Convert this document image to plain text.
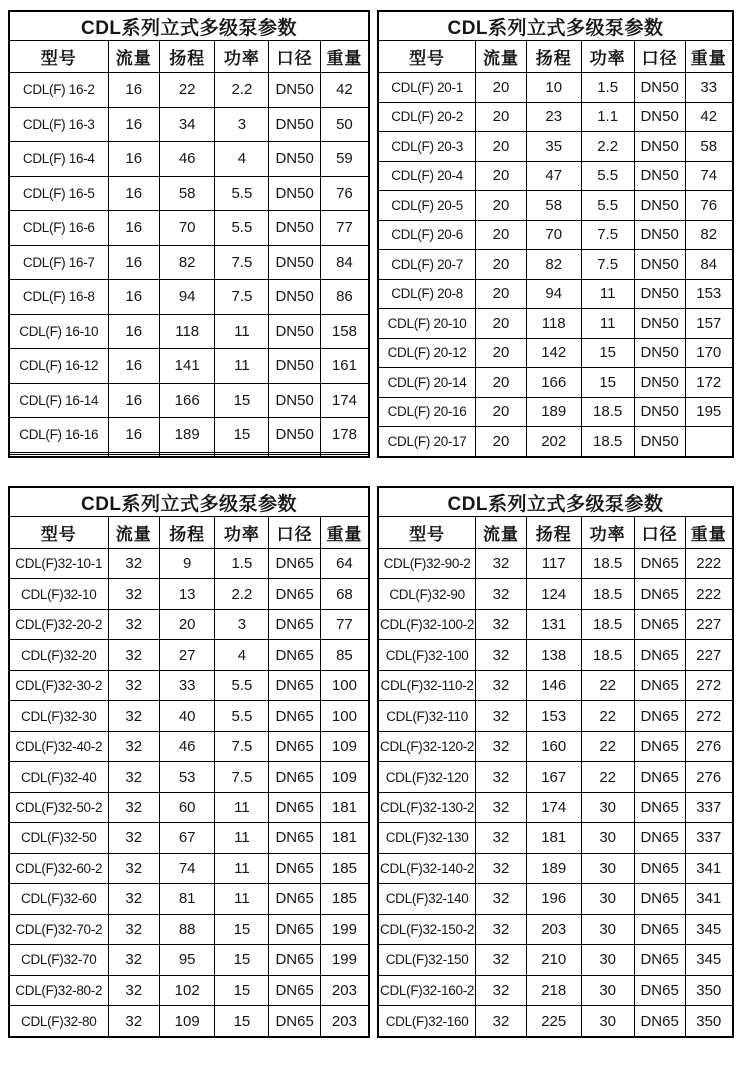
CDL系列立式多级泵参数					
型号	流量	扬程	功率	口径	重量
CDL(F) 16-2	16	22	2.2	DN50	42
CDL(F) 16-3	16	34	3	DN50	50
CDL(F) 16-4	16	46	4	DN50	59
CDL(F) 16-5	16	58	5.5	DN50	76
CDL(F) 16-6	16	70	5.5	DN50	77
CDL(F) 16-7	16	82	7.5	DN50	84
CDL(F) 16-8	16	94	7.5	DN50	86
CDL(F) 16-10	16	118	11	DN50	158
CDL(F) 16-12	16	141	11	DN50	161
CDL(F) 16-14	16	166	15	DN50	174
CDL(F) 16-16	16	189	15	DN50	178

CDL系列立式多级泵参数					
型号	流量	扬程	功率	口径	重量
CDL(F) 20-1	20	10	1.5	DN50	33
CDL(F) 20-2	20	23	1.1	DN50	42
CDL(F) 20-3	20	35	2.2	DN50	58
CDL(F) 20-4	20	47	5.5	DN50	74
CDL(F) 20-5	20	58	5.5	DN50	76
CDL(F) 20-6	20	70	7.5	DN50	82
CDL(F) 20-7	20	82	7.5	DN50	84
CDL(F) 20-8	20	94	11	DN50	153
CDL(F) 20-10	20	118	11	DN50	157
CDL(F) 20-12	20	142	15	DN50	170
CDL(F) 20-14	20	166	15	DN50	172
CDL(F) 20-16	20	189	18.5	DN50	195
CDL(F) 20-17	20	202	18.5	DN50	
CDL系列立式多级泵参数					
型号	流量	扬程	功率	口径	重量
CDL(F)32-10-1	32	9	1.5	DN65	64
CDL(F)32-10	32	13	2.2	DN65	68
CDL(F)32-20-2	32	20	3	DN65	77
CDL(F)32-20	32	27	4	DN65	85
CDL(F)32-30-2	32	33	5.5	DN65	100
CDL(F)32-30	32	40	5.5	DN65	100
CDL(F)32-40-2	32	46	7.5	DN65	109
CDL(F)32-40	32	53	7.5	DN65	109
CDL(F)32-50-2	32	60	11	DN65	181
CDL(F)32-50	32	67	11	DN65	181
CDL(F)32-60-2	32	74	11	DN65	185
CDL(F)32-60	32	81	11	DN65	185
CDL(F)32-70-2	32	88	15	DN65	199
CDL(F)32-70	32	95	15	DN65	199
CDL(F)32-80-2	32	102	15	DN65	203
CDL(F)32-80	32	109	15	DN65	203
CDL系列立式多级泵参数					
型号	流量	扬程	功率	口径	重量
CDL(F)32-90-2	32	117	18.5	DN65	222
CDL(F)32-90	32	124	18.5	DN65	222
CDL(F)32-100-2	32	131	18.5	DN65	227
CDL(F)32-100	32	138	18.5	DN65	227
CDL(F)32-110-2	32	146	22	DN65	272
CDL(F)32-110	32	153	22	DN65	272
CDL(F)32-120-2	32	160	22	DN65	276
CDL(F)32-120	32	167	22	DN65	276
CDL(F)32-130-2	32	174	30	DN65	337
CDL(F)32-130	32	181	30	DN65	337
CDL(F)32-140-2	32	189	30	DN65	341
CDL(F)32-140	32	196	30	DN65	341
CDL(F)32-150-2	32	203	30	DN65	345
CDL(F)32-150	32	210	30	DN65	345
CDL(F)32-160-2	32	218	30	DN65	350
CDL(F)32-160	32	225	30	DN65	350
